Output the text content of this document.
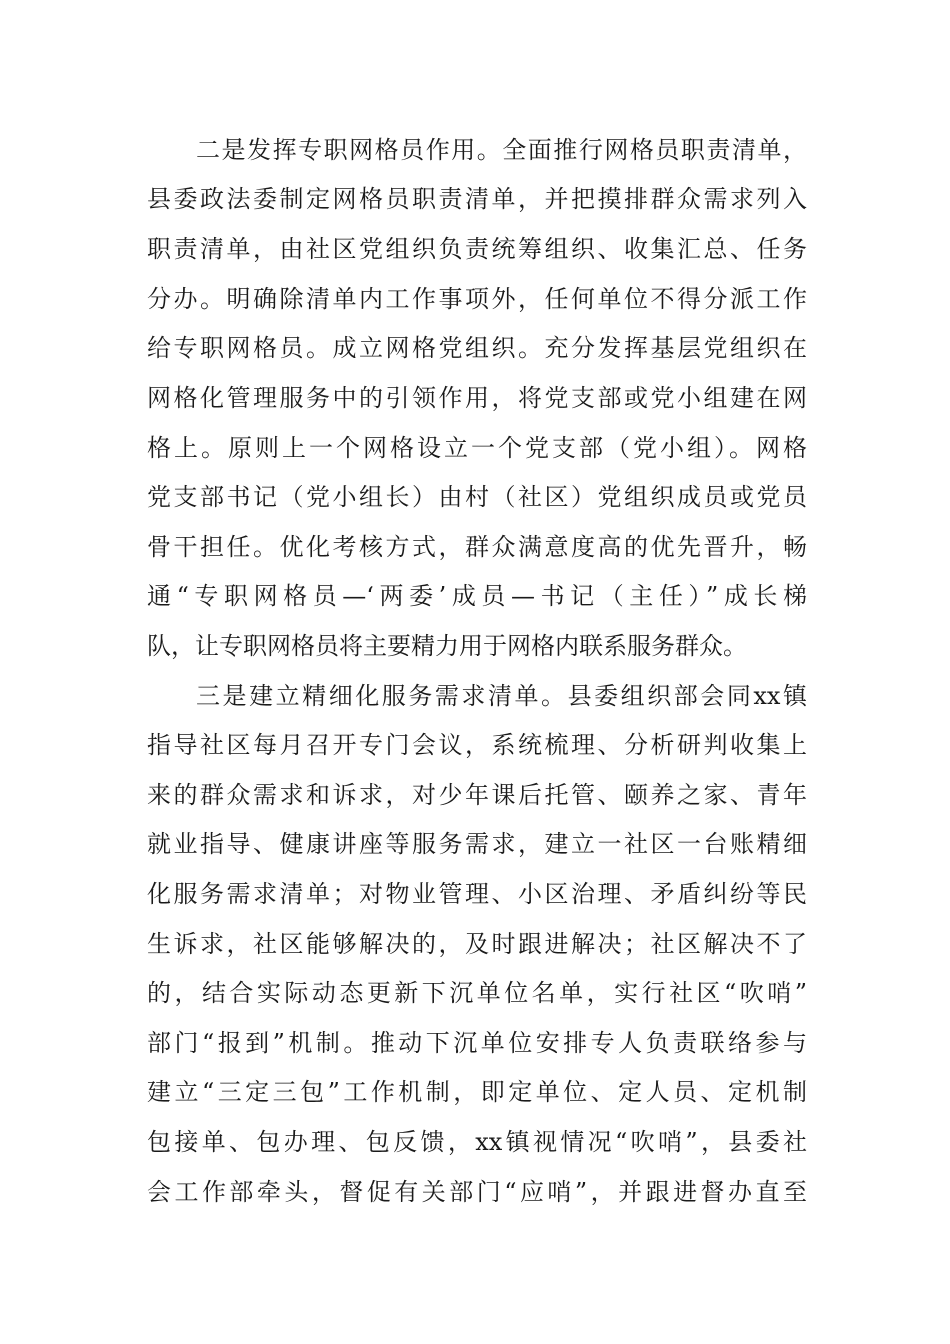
二是发挥专职网格员作用。全面推行网格员职责清单，
县委政法委制定网格员职责清单，并把摸排群众需求列入
职责清单，由社区党组织负责统筹组织、收集汇总、任务
分办。明确除清单内工作事项外，任何单位不得分派工作
给专职网格员。成立网格党组织。充分发挥基层党组织在
网格化管理服务中的引领作用，将党支部或党小组建在网
格上。原则上一个网格设立一个党支部（党小组）。网格
党支部书记（党小组长）由村（社区）党组织成员或党员
骨干担任。优化考核方式，群众满意度高的优先晋升，畅
通“专职网格员—‘两委’成员—书记（主任）”成长梯
队，让专职网格员将主要精力用于网格内联系服务群众。
三是建立精细化服务需求清单。县委组织部会同xx镇
指导社区每月召开专门会议，系统梳理、分析研判收集上
来的群众需求和诉求，对少年课后托管、颐养之家、青年
就业指导、健康讲座等服务需求，建立一社区一台账精细
化服务需求清单；对物业管理、小区治理、矛盾纠纷等民
生诉求，社区能够解决的，及时跟进解决；社区解决不了
的，结合实际动态更新下沉单位名单，实行社区“吹哨”
部门“报到”机制。推动下沉单位安排专人负责联络参与
建立“三定三包”工作机制，即定单位、定人员、定机制
包接单、包办理、包反馈，xx镇视情况“吹哨”，县委社
会工作部牵头，督促有关部门“应哨”，并跟进督办直至
